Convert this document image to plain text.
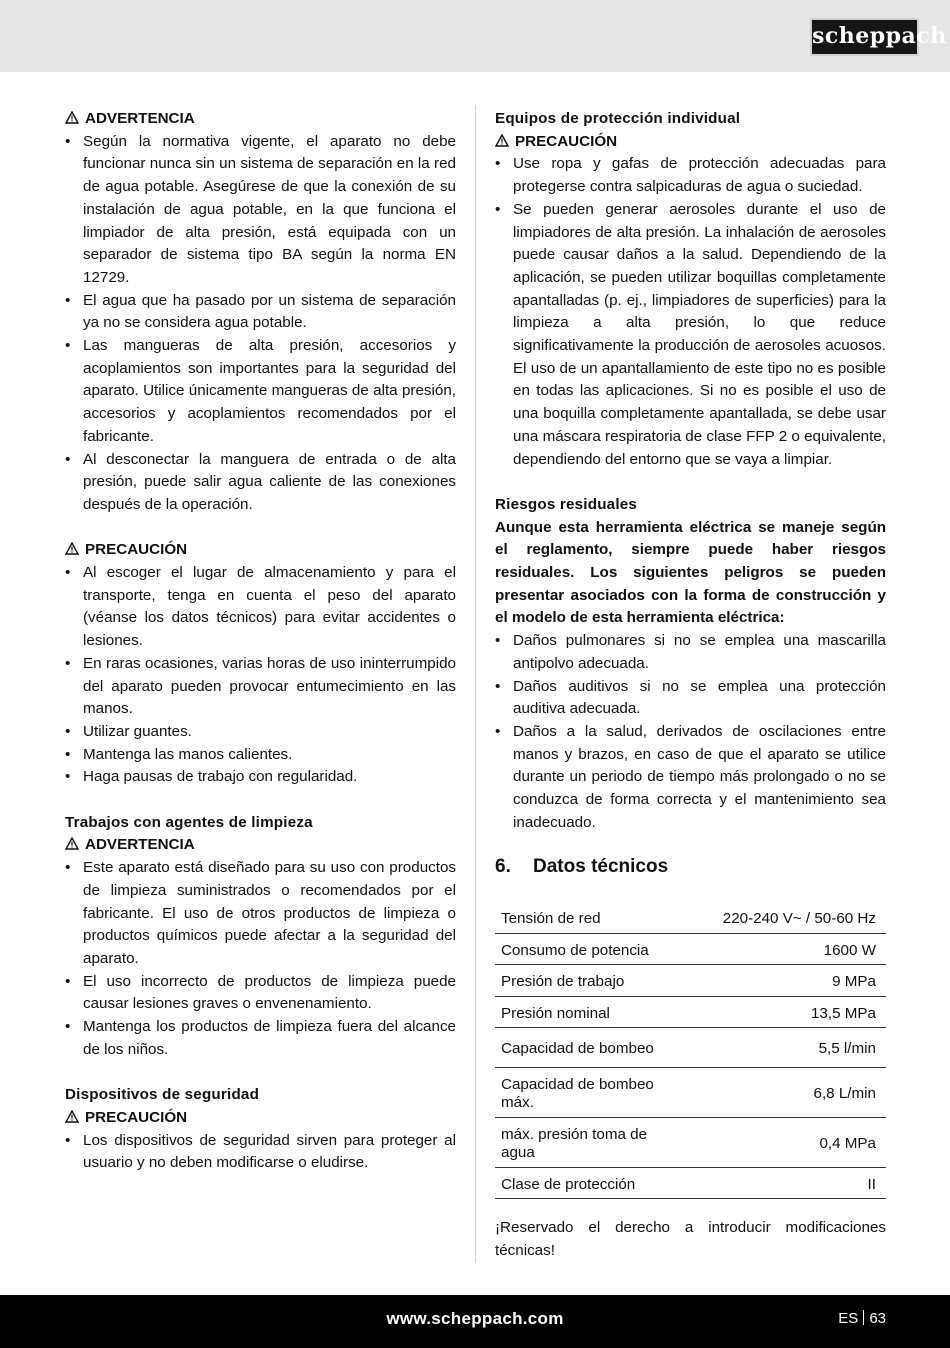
scheppach

ADVERTENCIA

• Según la normativa vigente, el aparato no debe funcionar nunca sin un sistema de separación en la red de agua potable. Asegúrese de que la conexión de su instalación de agua potable, en la que funciona el limpiador de alta presión, está equipada con un separador de sistema tipo BA según la norma EN 12729.
• El agua que ha pasado por un sistema de separación ya no se considera agua potable.
• Las mangueras de alta presión, accesorios y acoplamientos son importantes para la seguridad del aparato. Utilice únicamente mangueras de alta presión, accesorios y acoplamientos recomendados por el fabricante.
• Al desconectar la manguera de entrada o de alta presión, puede salir agua caliente de las conexiones después de la operación.

PRECAUCIÓN

• Al escoger el lugar de almacenamiento y para el transporte, tenga en cuenta el peso del aparato (véanse los datos técnicos) para evitar accidentes o lesiones.
• En raras ocasiones, varias horas de uso ininterrumpido del aparato pueden provocar entumecimiento en las manos.
• Utilizar guantes.
• Mantenga las manos calientes.
• Haga pausas de trabajo con regularidad.

Trabajos con agentes de limpieza

ADVERTENCIA

• Este aparato está diseñado para su uso con productos de limpieza suministrados o recomendados por el fabricante. El uso de otros productos de limpieza o productos químicos puede afectar a la seguridad del aparato.
• El uso incorrecto de productos de limpieza puede causar lesiones graves o envenenamiento.
• Mantenga los productos de limpieza fuera del alcance de los niños.

Dispositivos de seguridad

PRECAUCIÓN

• Los dispositivos de seguridad sirven para proteger al usuario y no deben modificarse o eludirse.

Equipos de protección individual

PRECAUCIÓN

• Use ropa y gafas de protección adecuadas para protegerse contra salpicaduras de agua o suciedad.
• Se pueden generar aerosoles durante el uso de limpiadores de alta presión. La inhalación de aerosoles puede causar daños a la salud. Dependiendo de la aplicación, se pueden utilizar boquillas completamente apantalladas (p. ej., limpiadores de superficies) para la limpieza a alta presión, lo que reduce significativamente la producción de aerosoles acuosos. El uso de un apantallamiento de este tipo no es posible en todas las aplicaciones. Si no es posible el uso de una boquilla completamente apantallada, se debe usar una máscara respiratoria de clase FFP 2 o equivalente, dependiendo del entorno que se vaya a limpiar.

Riesgos residuales

Aunque esta herramienta eléctrica se maneje según el reglamento, siempre puede haber riesgos residuales. Los siguientes peligros se pueden presentar asociados con la forma de construcción y el modelo de esta herramienta eléctrica:

• Daños pulmonares si no se emplea una mascarilla antipolvo adecuada.
• Daños auditivos si no se emplea una protección auditiva adecuada.
• Daños a la salud, derivados de oscilaciones entre manos y brazos, en caso de que el aparato se utilice durante un periodo de tiempo más prolongado o no se conduzca de forma correcta y el mantenimiento sea inadecuado.

6. Datos técnicos

Tensión de red	220-240 V~ / 50-60 Hz
Consumo de potencia	1600 W
Presión de trabajo	9 MPa
Presión nominal	13,5 MPa
Capacidad de bombeo	5,5 l/min
Capacidad de bombeo máx.	6,8 L/min
máx. presión toma de agua	0,4 MPa
Clase de protección	II

¡Reservado el derecho a introducir modificaciones técnicas!

www.scheppach.com	ES 63
